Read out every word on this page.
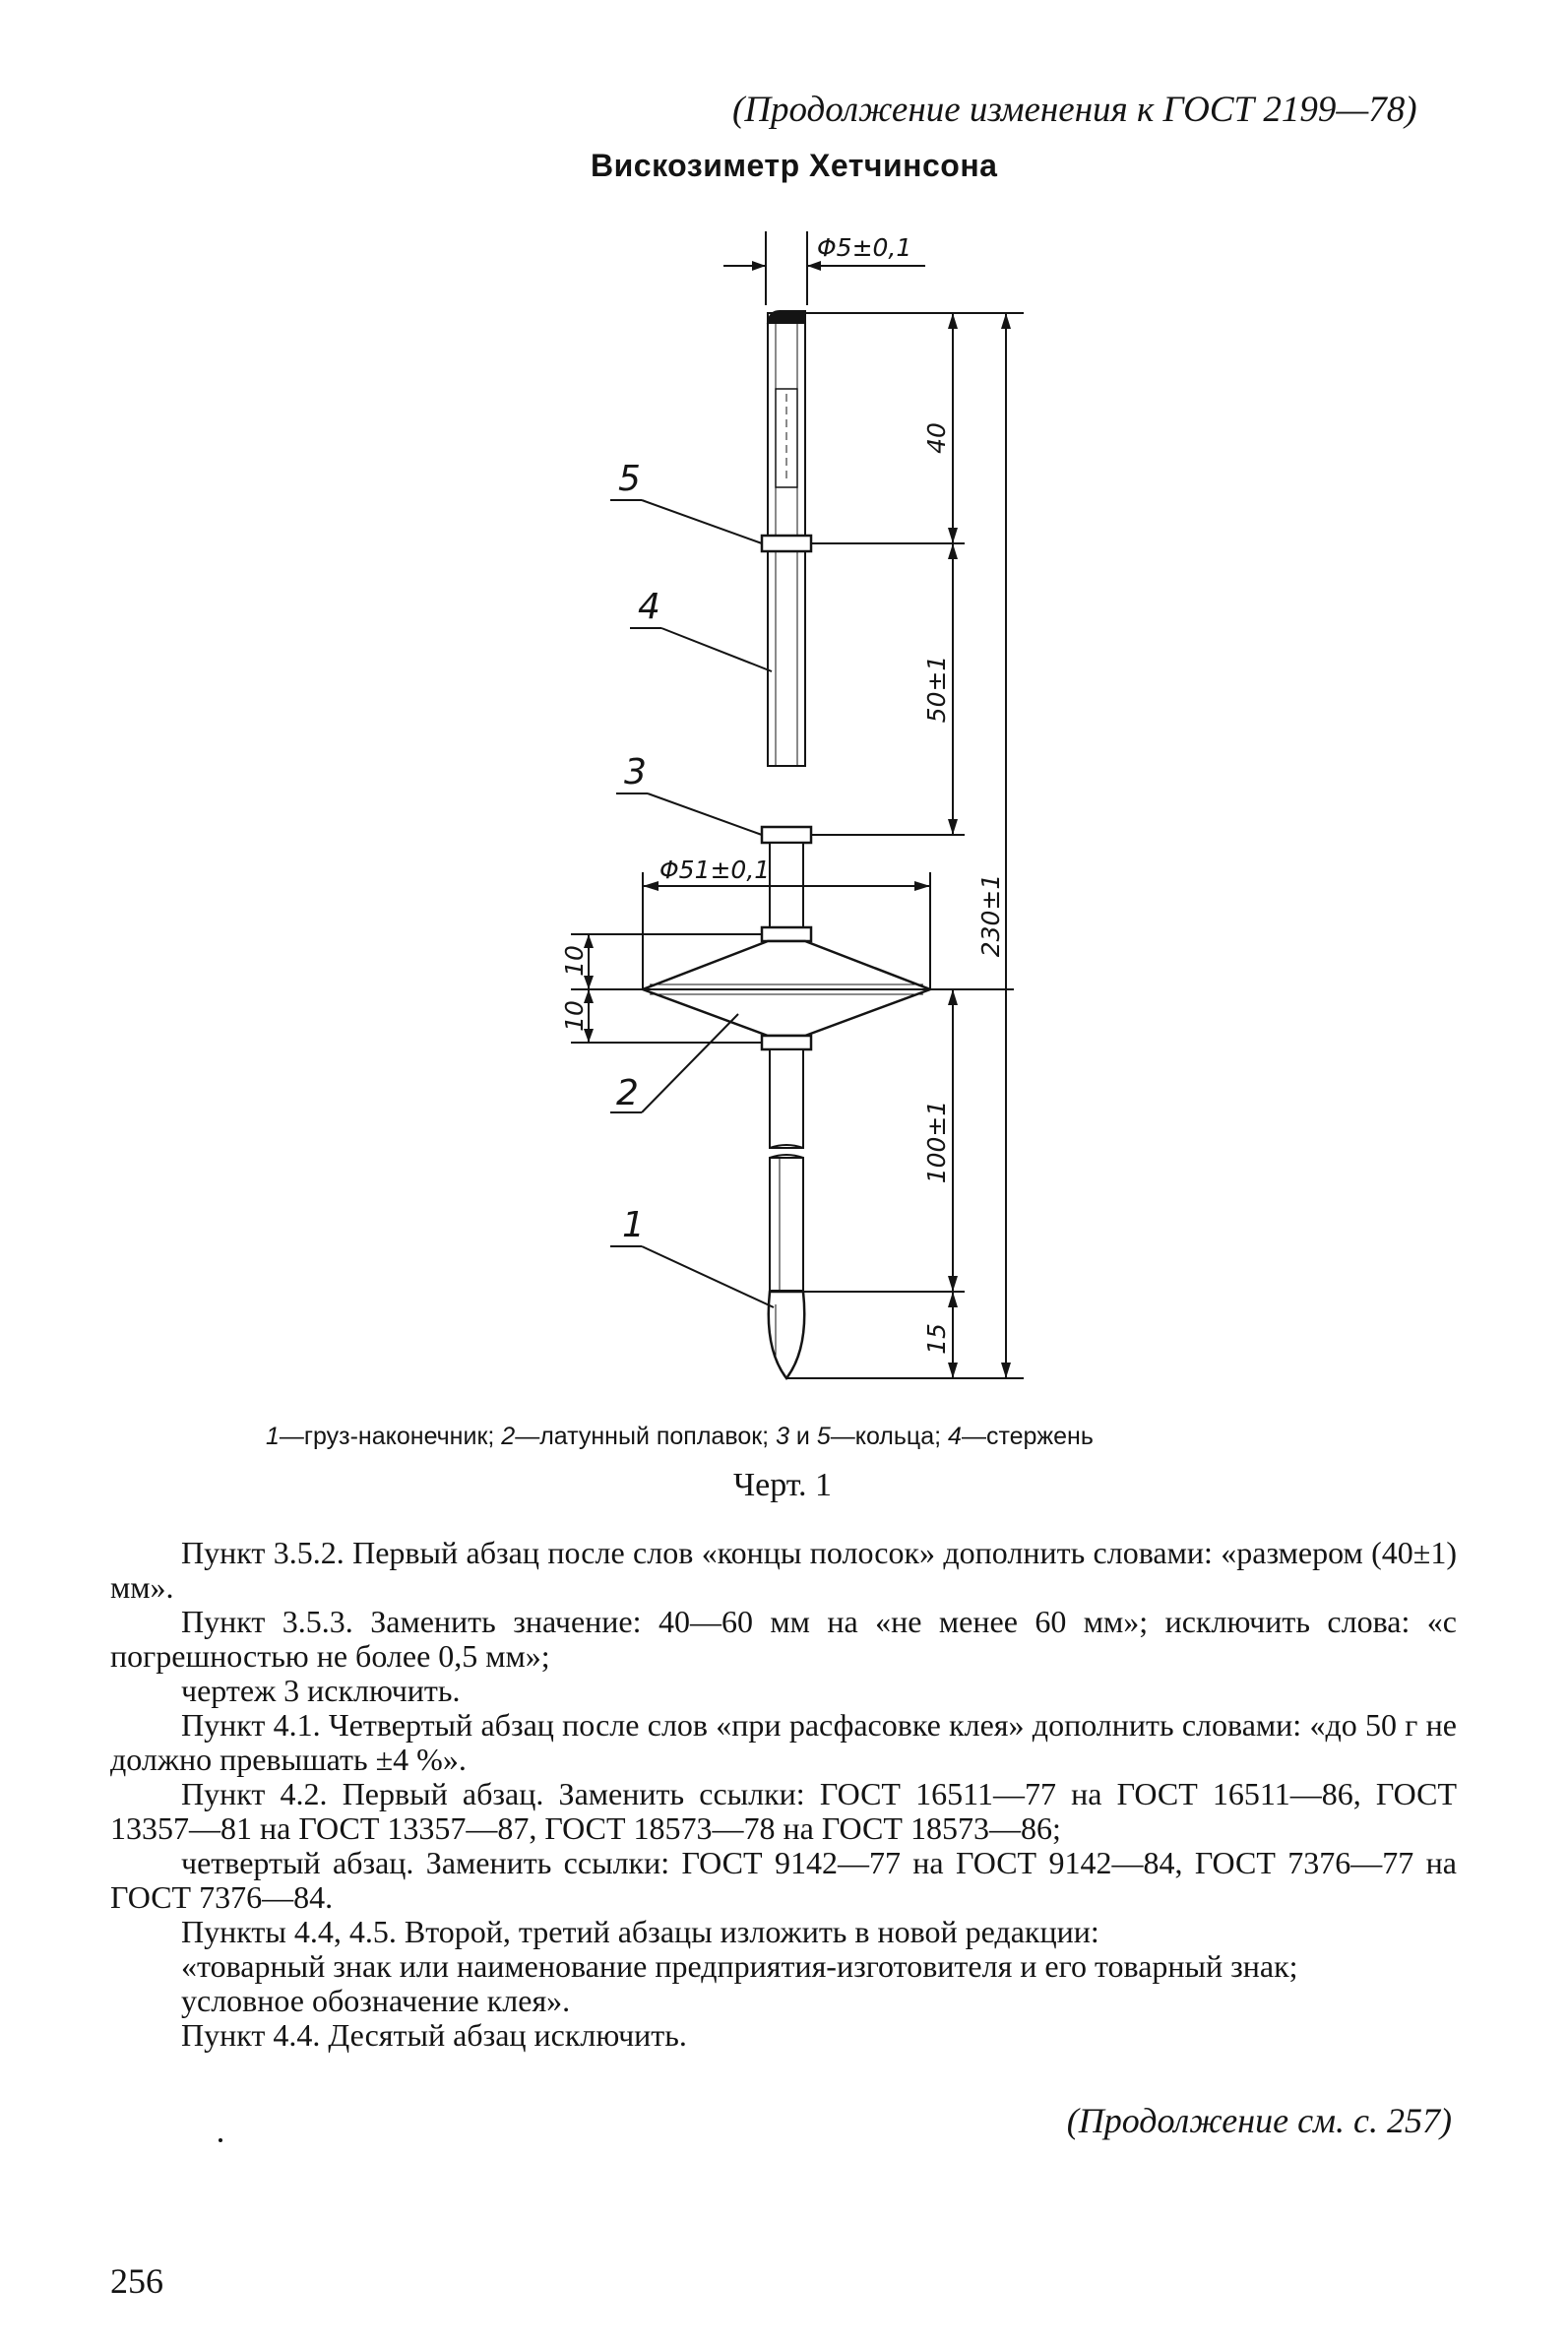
(Продолжение изменения к ГОСТ 2199—78)
Вискозиметр Хетчинсона
Φ5±0,1
Φ51±0,1
40
50±1
230±1
10
10
100±1
15
5
4
3
2
1
1—груз-наконечник; 2—латунный поплавок; 3 и 5—кольца; 4—стержень
Черт. 1

Пункт 3.5.2. Первый абзац после слов «концы полосок» дополнить словами: «размером (40±1) мм».

Пункт 3.5.3. Заменить значение: 40—60 мм на «не менее 60 мм»; исключить слова: «с погрешностью не более 0,5 мм»;

чертеж 3 исключить.

Пункт 4.1. Четвертый абзац после слов «при расфасовке клея» дополнить словами: «до 50 г не должно превышать ±4 %».

Пункт 4.2. Первый абзац. Заменить ссылки: ГОСТ 16511—77 на ГОСТ 16511—86, ГОСТ 13357—81 на ГОСТ 13357—87, ГОСТ 18573—78 на ГОСТ 18573—86;

четвертый абзац. Заменить ссылки: ГОСТ 9142—77 на ГОСТ 9142—84, ГОСТ 7376—77 на ГОСТ 7376—84.

Пункты 4.4, 4.5. Второй, третий абзацы изложить в новой редакции:

«товарный знак или наименование предприятия-изготовителя и его товарный знак;

условное обозначение клея».

Пункт 4.4. Десятый абзац исключить.

(Продолжение см. с. 257)
256
